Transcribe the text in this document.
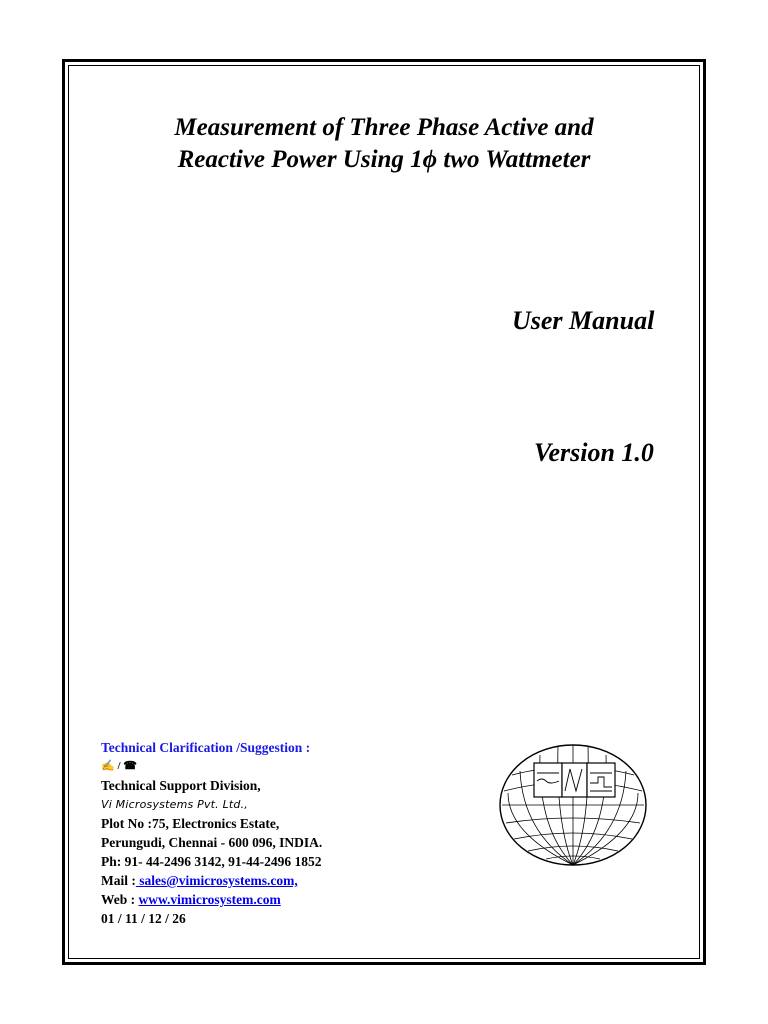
Measurement of Three Phase Active and
Reactive Power Using 1ϕ two Wattmeter
User Manual
Version 1.0
Technical Clarification /Suggestion :
✍ / ☎
Technical Support Division,
Vi Microsystems Pvt. Ltd.,
Plot No :75, Electronics Estate,
Perungudi, Chennai - 600 096, INDIA.
Ph: 91- 44-2496 3142, 91-44-2496 1852
Mail : sales@vimicrosystems.com,
Web : www.vimicrosystem.com
01 / 11 / 12 / 26
